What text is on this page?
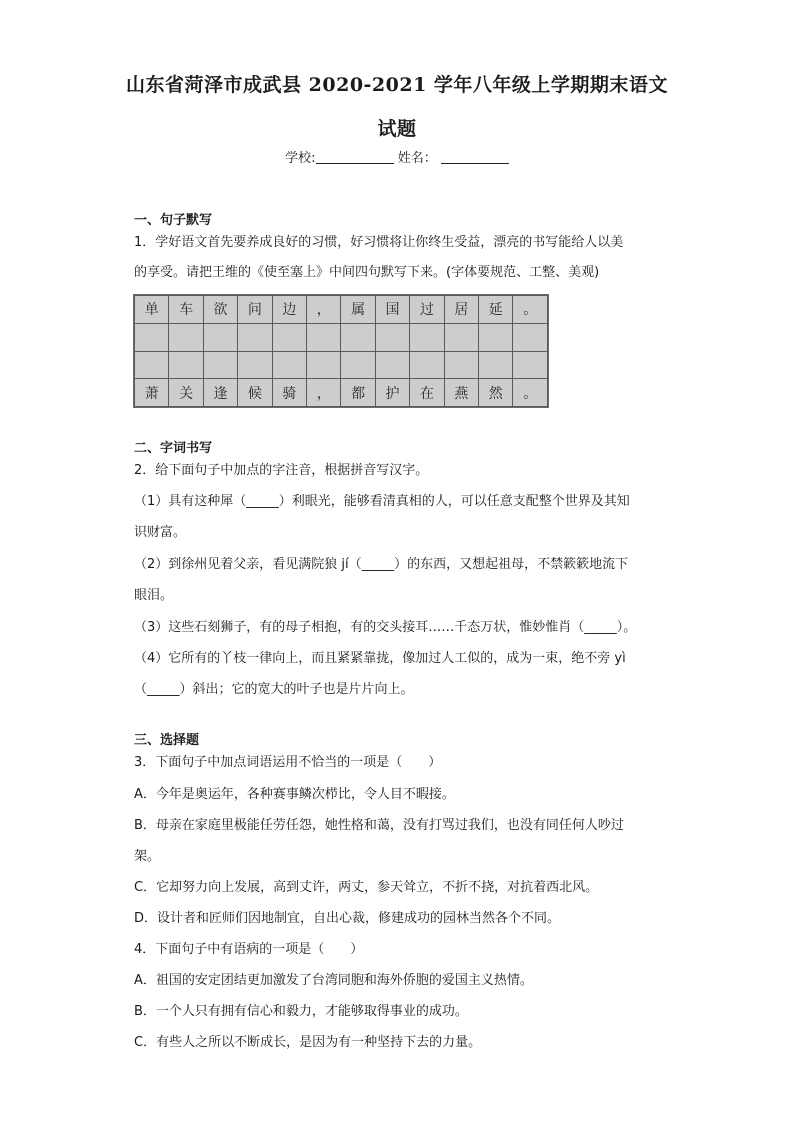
山东省菏泽市成武县 2020-2021 学年八年级上学期期末语文
试题
学校:	姓名：
一、句子默写
1．学好语文首先要养成良好的习惯，好习惯将让你终生受益，漂亮的书写能给人以美
的享受。请把王维的《使至塞上》中间四句默写下来。(字体要规范、工整、美观)
单	车	欲	问	边	，	属	国	过	居	延	。

萧	关	逢	候	骑	，	都	护	在	燕	然	。
二、字词书写
2．给下面句子中加点的字注音，根据拼音写汉字。
（1）具有这种犀（_____）利眼光，能够看清真相的人，可以任意支配整个世界及其知
识财富。
（2）到徐州见着父亲，看见满院狼 jí（_____）的东西，又想起祖母，不禁簌簌地流下
眼泪。
（3）这些石刻狮子，有的母子相抱，有的交头接耳……千态万状，惟妙惟肖（_____）。
（4）它所有的丫枝一律向上，而且紧紧靠拢，像加过人工似的，成为一束，绝不旁 yì
（_____）斜出；它的宽大的叶子也是片片向上。
三、选择题
3．下面句子中加点词语运用不恰当的一项是（　　）
A．今年是奥运年，各种赛事鳞次栉比，令人目不暇接。
B．母亲在家庭里极能任劳任怨，她性格和蔼，没有打骂过我们，也没有同任何人吵过
架。
C．它却努力向上发展，高到丈许，两丈，参天耸立，不折不挠，对抗着西北风。
D．设计者和匠师们因地制宜，自出心裁，修建成功的园林当然各个不同。
4．下面句子中有语病的一项是（　　）
A．祖国的安定团结更加激发了台湾同胞和海外侨胞的爱国主义热情。
B．一个人只有拥有信心和毅力，才能够取得事业的成功。
C．有些人之所以不断成长，是因为有一种坚持下去的力量。
